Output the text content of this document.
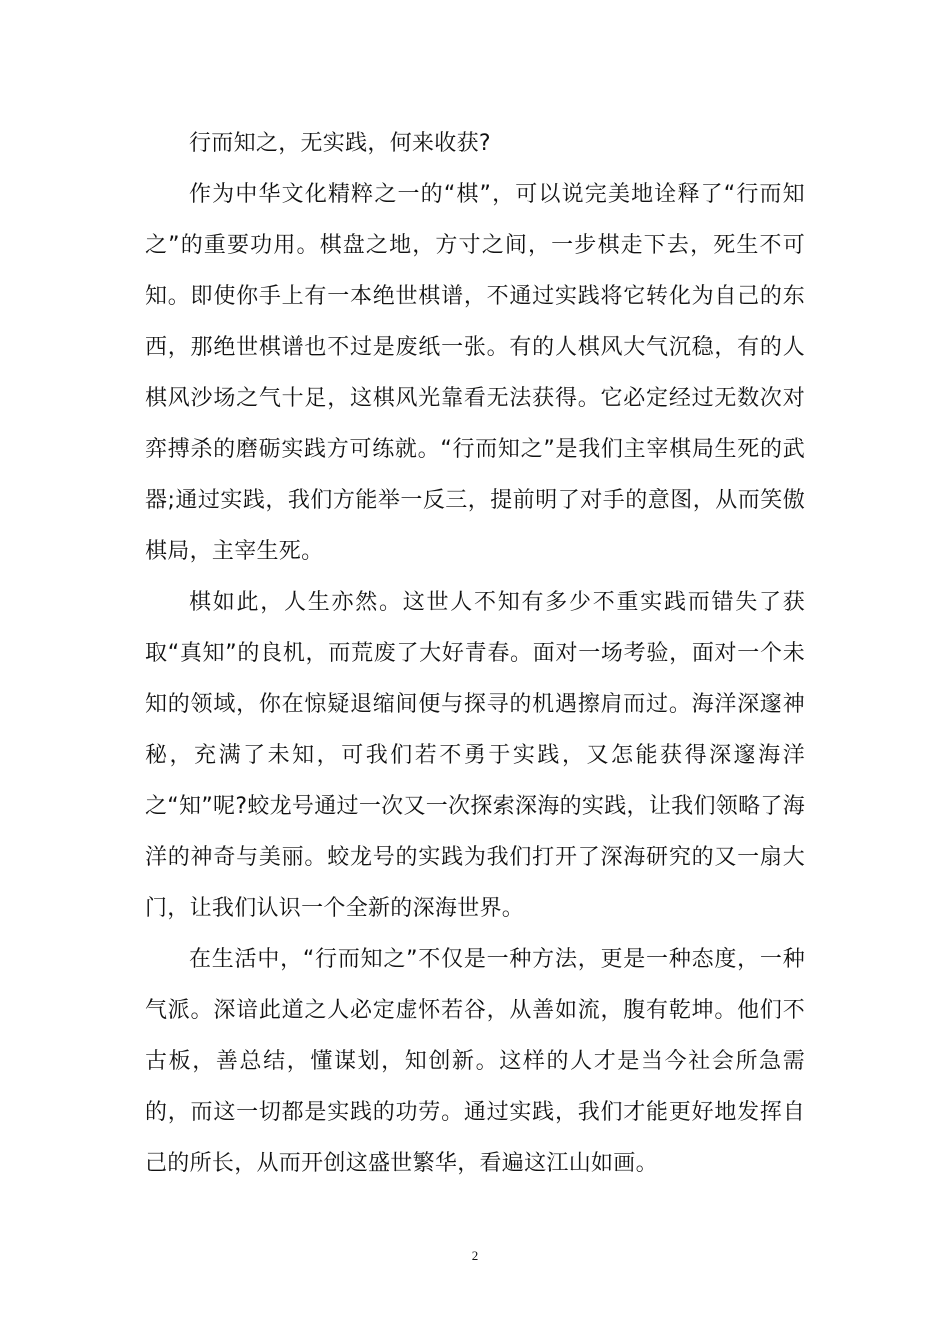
行而知之，无实践，何来收获?

作为中华文化精粹之一的“棋”，可以说完美地诠释了“行而知之”的重要功用。棋盘之地，方寸之间，一步棋走下去，死生不可知。即使你手上有一本绝世棋谱，不通过实践将它转化为自己的东西，那绝世棋谱也不过是废纸一张。有的人棋风大气沉稳，有的人棋风沙场之气十足，这棋风光靠看无法获得。它必定经过无数次对弈搏杀的磨砺实践方可练就。“行而知之”是我们主宰棋局生死的武器;通过实践，我们方能举一反三，提前明了对手的意图，从而笑傲棋局，主宰生死。

棋如此，人生亦然。这世人不知有多少不重实践而错失了获取“真知”的良机，而荒废了大好青春。面对一场考验，面对一个未知的领域，你在惊疑退缩间便与探寻的机遇擦肩而过。海洋深邃神秘，充满了未知，可我们若不勇于实践，又怎能获得深邃海洋之“知”呢?蛟龙号通过一次又一次探索深海的实践，让我们领略了海洋的神奇与美丽。蛟龙号的实践为我们打开了深海研究的又一扇大门，让我们认识一个全新的深海世界。

在生活中，“行而知之”不仅是一种方法，更是一种态度，一种气派。深谙此道之人必定虚怀若谷，从善如流，腹有乾坤。他们不古板，善总结，懂谋划，知创新。这样的人才是当今社会所急需的，而这一切都是实践的功劳。通过实践，我们才能更好地发挥自己的所长，从而开创这盛世繁华，看遍这江山如画。

2
